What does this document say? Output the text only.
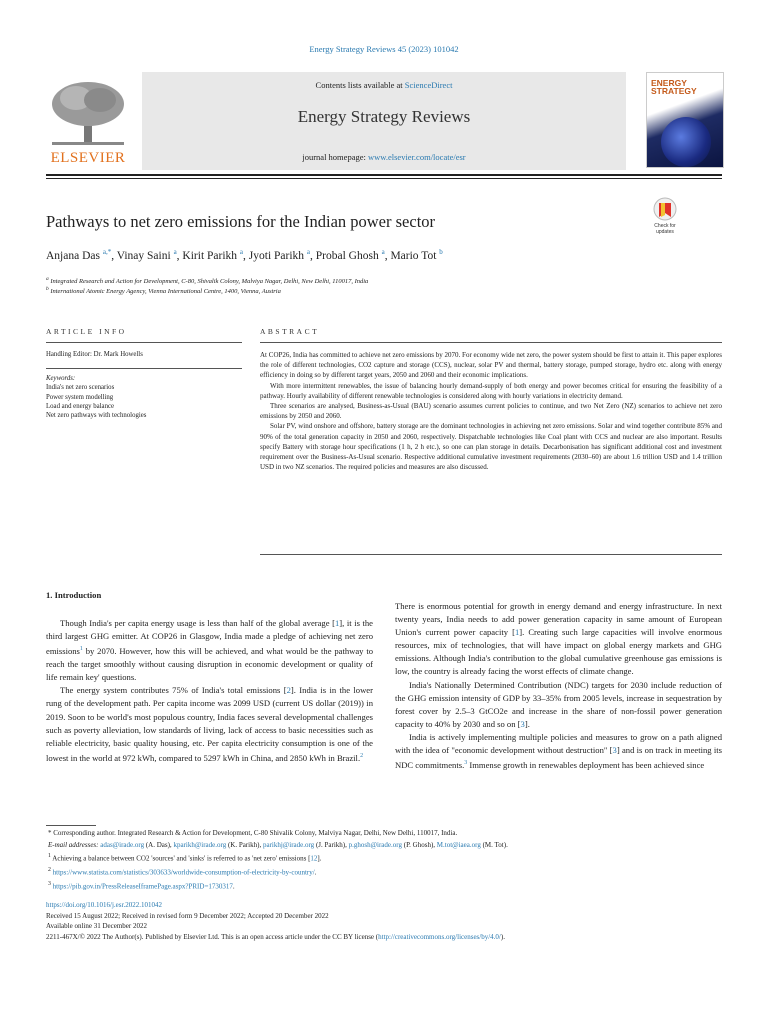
Energy Strategy Reviews 45 (2023) 101042
ELSEVIER
Contents lists available at ScienceDirect
Energy Strategy Reviews
journal homepage: www.elsevier.com/locate/esr
ENERGY
STRATEGY
Pathways to net zero emissions for the Indian power sector	Check for
updates
Anjana Das $^{a,*}$, Vinay Saini $^a$, Kirit Parikh $^a$, Jyoti Parikh $^a$, Probal Ghosh $^a$, Mario Tot $^b$
$^a$ Integrated Research and Action for Development, C-80, Shivalik Colony, Malviya Nagar, Delhi, New Delhi, 110017, India
$^b$ International Atomic Energy Agency, Vienna International Centre, 1400, Vienna, Austria
ARTICLE INFO	ABSTRACT
Handling Editor: Dr. Mark Howells
Keywords:
India's net zero scenarios
Power system modelling
Load and energy balance
Net zero pathways with technologies

At COP26, India has committed to achieve net zero emissions by 2070. For economy wide net zero, the power system should be first to attain it. This paper explores the role of different technologies, CO2 capture and storage (CCS), nuclear, solar PV and thermal, battery storage, pumped storage, hydro etc. along with energy efficiency in doing so by different target years, 2050 and 2060 and their economic implications.

With more intermittent renewables, the issue of balancing hourly demand-supply of both energy and power becomes critical for ensuring the feasibility of a pathway. Hourly availability of different renewable technologies is considered along with hourly variations in electricity demand.

Three scenarios are analysed, Business-as-Usual (BAU) scenario assumes current policies to continue, and two Net Zero (NZ) scenarios to achieve net zero emissions by 2050 and 2060.

Solar PV, wind onshore and offshore, battery storage are the dominant technologies in achieving net zero emissions. Solar and wind together contribute 85% and 90% of the total generation capacity in 2050 and 2060, respectively. Dispatchable technologies like Coal plant with CCS and nuclear are also important. Results specify Battery with storage hour specifications (1 h, 2 h etc.), so one can plan storage in details. Decarbonisation has significant additional cost and investment requirement over the Business-As-Usual scenario. Respective additional cumulative investment requirements (2030–60) are about 1.6 trillion USD and 1.4 trillion USD in two NZ scenarios. The required policies and measures are also discussed.

1. Introduction

Though India's per capita energy usage is less than half of the global average [1], it is the third largest GHG emitter. At COP26 in Glasgow, India made a pledge of achieving net zero emissions$^1$ by 2070. However, how this will be achieved, and what would be the pathway to reach the target smoothly without causing disruption in economic development or quality of life remain key' questions.

The energy system contributes 75% of India's total emissions [2]. India is in the lower rung of the development path. Per capita income was 2099 USD (current US dollar (2019)) in 2019. Soon to be world's most populous country, India faces several developmental challenges such as poverty alleviation, low standards of living, lack of access to basic necessities such as reliable electricity, basic quality housing, etc. Per capita electricity consumption is one of the lowest in the world at 972 kWh, compared to 5297 kWh in China, and 2850 kWh in Brazil.$^2$

There is enormous potential for growth in energy demand and energy infrastructure. In next twenty years, India needs to add power generation capacity in same amount of European Union's current power capacity [1]. Creating such large capacities will involve enormous resources, mix of technologies, that will have impact on global energy markets and GHG emissions. Although India's contribution to the global cumulative greenhouse gas emissions is low, the country is already facing the worst effects of climate change.

India's Nationally Determined Contribution (NDC) targets for 2030 include reduction of the GHG emission intensity of GDP by 33–35% from 2005 levels, increase in sequestration by forest cover by 2.5–3 GtCO2e and increase in the share of non-fossil power generation capacity to 40% by 2030 and so on [3].

India is actively implementing multiple policies and measures to grow on a path aligned with the idea of "economic development without destruction" [3] and is on track in meeting its NDC commitments.$^3$ Immense growth in renewables deployment has been achieved since

* Corresponding author. Integrated Research & Action for Development, C-80 Shivalik Colony, Malviya Nagar, Delhi, New Delhi, 110017, India.
E-mail addresses: adas@irade.org (A. Das), kparikh@irade.org (K. Parikh), parikhj@irade.org (J. Parikh), p.ghosh@irade.org (P. Ghosh), M.tot@iaea.org (M. Tot).
$^1$ Achieving a balance between CO2 'sources' and 'sinks' is referred to as 'net zero' emissions [12].
$^2$ https://www.statista.com/statistics/303633/worldwide-consumption-of-electricity-by-country/.
$^3$ https://pib.gov.in/PressReleaseIframePage.aspx?PRID=1730317.
https://doi.org/10.1016/j.esr.2022.101042
Received 15 August 2022; Received in revised form 9 December 2022; Accepted 20 December 2022
Available online 31 December 2022
2211-467X/© 2022 The Author(s). Published by Elsevier Ltd. This is an open access article under the CC BY license (http://creativecommons.org/licenses/by/4.0/).
